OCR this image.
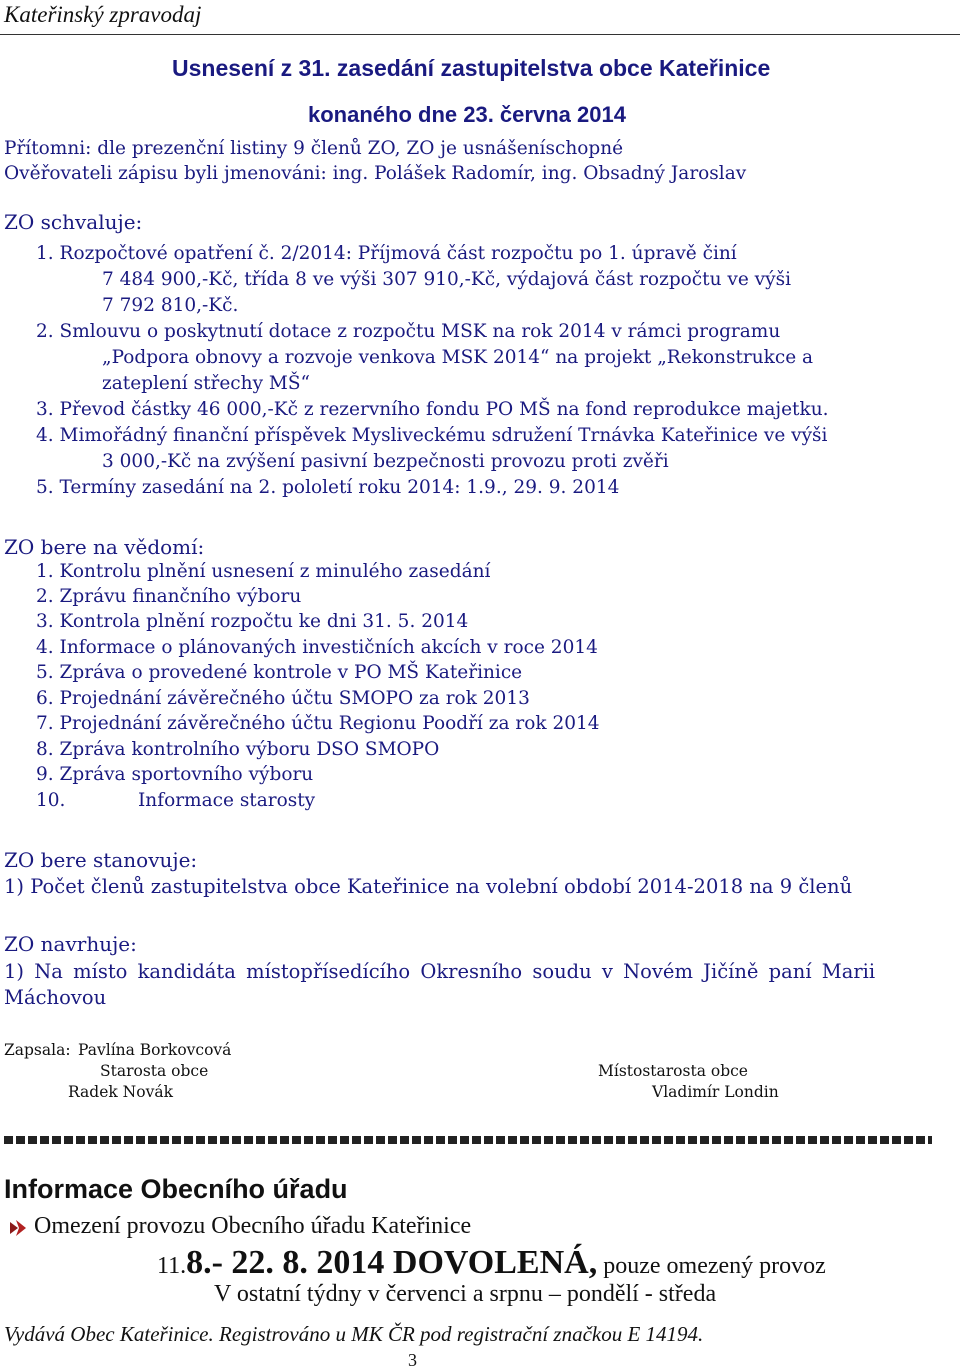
Kateřinský zpravodaj
Usnesení z 31. zasedání zastupitelstva obce Kateřinice
konaného dne 23. června 2014
Přítomni: dle prezenční listiny 9 členů ZO, ZO je usnášeníschopné
Ověřovateli zápisu byli jmenováni: ing. Polášek Radomír, ing. Obsadný Jaroslav
ZO schvaluje:
1. Rozpočtové opatření č. 2/2014: Příjmová část rozpočtu po 1. úpravě činí
7 484 900,-Kč, třída 8 ve výši 307 910,-Kč, výdajová část rozpočtu ve výši
7 792 810,-Kč.
2. Smlouvu o poskytnutí dotace z rozpočtu MSK na rok 2014 v rámci programu
„Podpora obnovy a rozvoje venkova MSK 2014“ na projekt „Rekonstrukce a
zateplení střechy MŠ“
3. Převod částky 46 000,-Kč z rezervního fondu PO MŠ na fond reprodukce majetku.
4. Mimořádný finanční příspěvek Mysliveckému sdružení Trnávka Kateřinice ve výši
3 000,-Kč na zvýšení pasivní bezpečnosti provozu proti zvěři
5. Termíny zasedání na 2. pololetí roku 2014: 1.9., 29. 9. 2014
ZO bere na vědomí:
1. Kontrolu plnění usnesení z minulého zasedání
2. Zprávu finančního výboru
3. Kontrola plnění rozpočtu ke dni 31. 5. 2014
4. Informace o plánovaných investičních akcích v roce 2014
5. Zpráva o provedené kontrole v PO MŠ Kateřinice
6. Projednání závěrečného účtu SMOPO za rok 2013
7. Projednání závěrečného účtu Regionu Poodří za rok 2014
8. Zpráva kontrolního výboru DSO SMOPO
9. Zpráva sportovního výboru
10.	Informace starosty
ZO bere stanovuje:
1) Počet členů zastupitelstva obce Kateřinice na volební období 2014-2018 na 9 členů
ZO navrhuje:
1) Na místo kandidáta místopřísedícího Okresního soudu v Novém Jičíně paní Marii
Máchovou
Zapsala: Pavlína Borkovcová
Starosta obce
Radek Novák
Místostarosta obce
Vladimír Londin
Informace Obecního úřadu
Omezení provozu Obecního úřadu Kateřinice
11.8.- 22. 8. 2014 DOVOLENÁ, pouze omezený provoz
V ostatní týdny v červenci a srpnu – pondělí - středa
Vydává Obec Kateřinice. Registrováno u MK ČR pod registrační značkou E 14194.
3
